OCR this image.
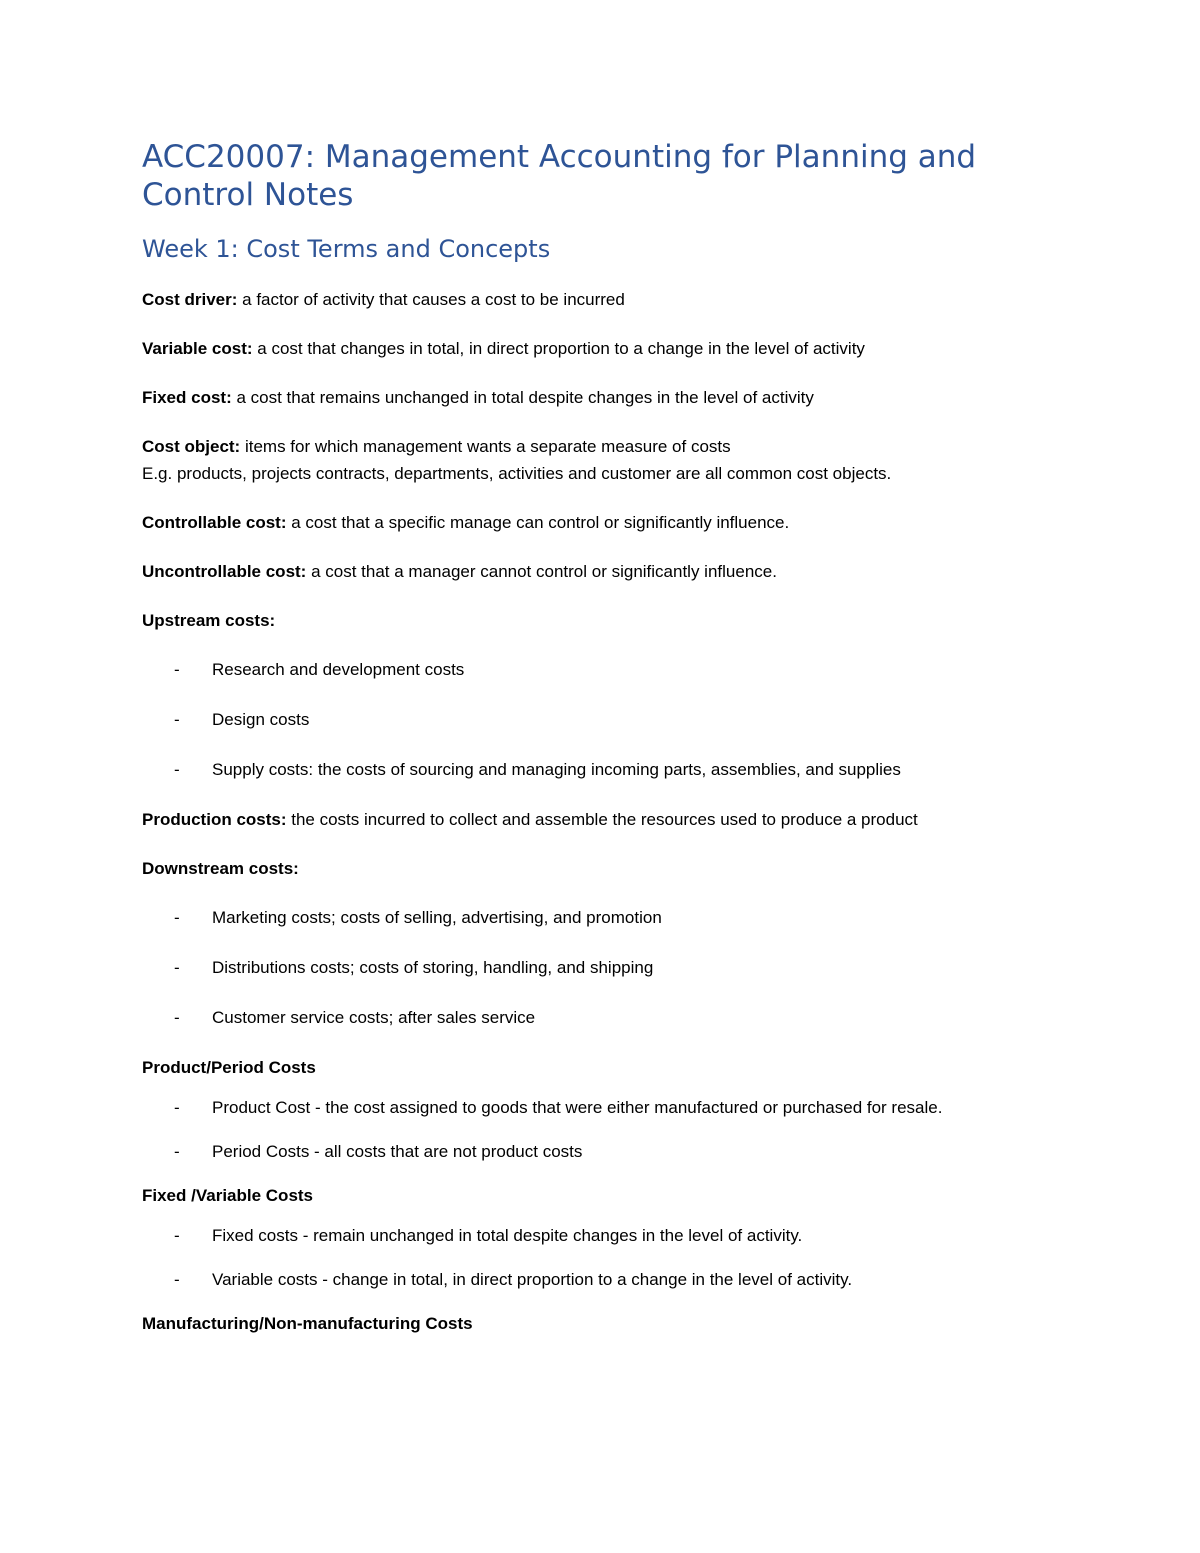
ACC20007: Management Accounting for Planning and Control Notes
Week 1: Cost Terms and Concepts

Cost driver: a factor of activity that causes a cost to be incurred

Variable cost: a cost that changes in total, in direct proportion to a change in the level of activity

Fixed cost: a cost that remains unchanged in total despite changes in the level of activity

Cost object: items for which management wants a separate measure of costs
E.g. products, projects contracts, departments, activities and customer are all common cost objects.

Controllable cost: a cost that a specific manage can control or significantly influence.

Uncontrollable cost: a cost that a manager cannot control or significantly influence.

Upstream costs:

- Research and development costs
- Design costs
- Supply costs: the costs of sourcing and managing incoming parts, assemblies, and supplies

Production costs: the costs incurred to collect and assemble the resources used to produce a product

Downstream costs:

- Marketing costs; costs of selling, advertising, and promotion
- Distributions costs; costs of storing, handling, and shipping
- Customer service costs; after sales service

Product/Period Costs

- Product Cost - the cost assigned to goods that were either manufactured or purchased for resale.
- Period Costs - all costs that are not product costs

Fixed /Variable Costs

- Fixed costs - remain unchanged in total despite changes in the level of activity.
- Variable costs - change in total, in direct proportion to a change in the level of activity.

Manufacturing/Non-manufacturing Costs
